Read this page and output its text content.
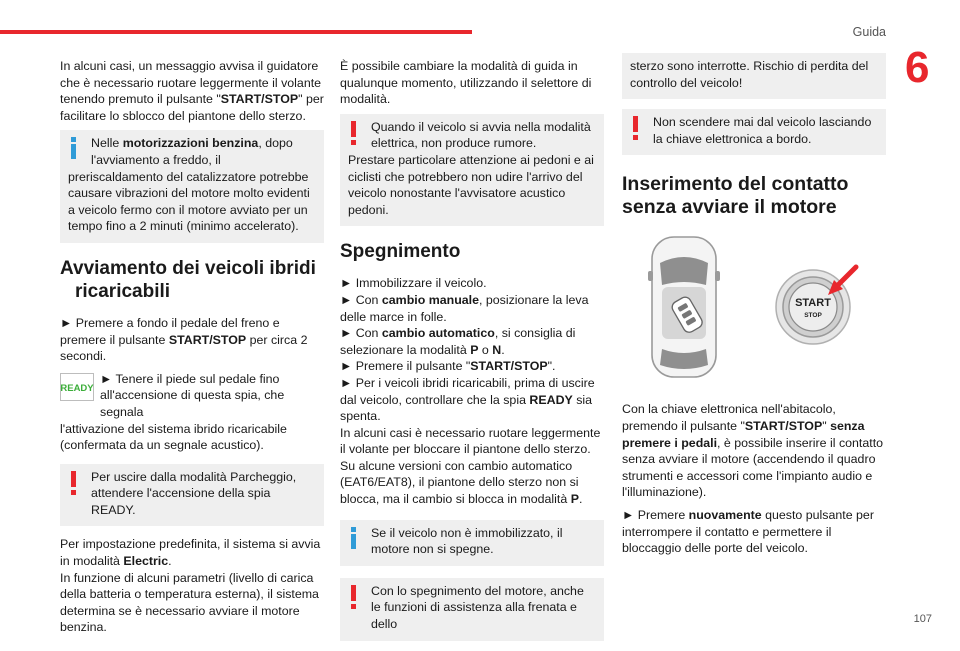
Guida
6
107

In alcuni casi, un messaggio avvisa il guidatore che è necessario ruotare leggermente il volante tenendo premuto il pulsante "START/STOP" per facilitare lo sblocco del piantone dello sterzo.

Nelle motorizzazioni benzina, dopo l'avviamento a freddo, il
preriscaldamento del catalizzatore potrebbe causare vibrazioni del motore molto evidenti a veicolo fermo con il motore avviato per un tempo fino a 2 minuti (minimo accelerato).
Avviamento dei veicoli ibridi ricaricabili

► Premere a fondo il pedale del freno e premere il pulsante START/STOP per circa 2 secondi.

READY
► Tenere il piede sul pedale fino all'accensione di questa spia, che segnala
l'attivazione del sistema ibrido ricaricabile (confermata da un segnale acustico).
Per uscire dalla modalità Parcheggio, attendere l'accensione della spia READY.

Per impostazione predefinita, il sistema si avvia in modalità Electric.

In funzione di alcuni parametri (livello di carica della batteria o temperatura esterna), il sistema determina se è necessario avviare il motore benzina.

È possibile cambiare la modalità di guida in qualunque momento, utilizzando il selettore di modalità.

Quando il veicolo si avvia nella modalità elettrica, non produce rumore.
Prestare particolare attenzione ai pedoni e ai ciclisti che potrebbero non udire l'arrivo del veicolo nonostante l'avvisatore acustico pedoni.
Spegnimento
► Immobilizzare il veicolo.
► Con cambio manuale, posizionare la leva delle marce in folle.
► Con cambio automatico, si consiglia di selezionare la modalità P o N.
► Premere il pulsante "START/STOP".
► Per i veicoli ibridi ricaricabili, prima di uscire dal veicolo, controllare che la spia READY sia spenta.
In alcuni casi è necessario ruotare leggermente il volante per bloccare il piantone dello sterzo.
Su alcune versioni con cambio automatico (EAT6/EAT8), il piantone dello sterzo non si blocca, ma il cambio si blocca in modalità P.
Se il veicolo non è immobilizzato, il motore non si spegne.
Con lo spegnimento del motore, anche le funzioni di assistenza alla frenata e dello
sterzo sono interrotte. Rischio di perdita del controllo del veicolo!
Non scendere mai dal veicolo lasciando la chiave elettronica a bordo.
Inserimento del contatto senza avviare il motore
START
STOP

Con la chiave elettronica nell'abitacolo, premendo il pulsante "START/STOP" senza premere i pedali, è possibile inserire il contatto senza avviare il motore (accendendo il quadro strumenti e accessori come l'impianto audio e l'illuminazione).

► Premere nuovamente questo pulsante per interrompere il contatto e permettere il bloccaggio delle porte del veicolo.
